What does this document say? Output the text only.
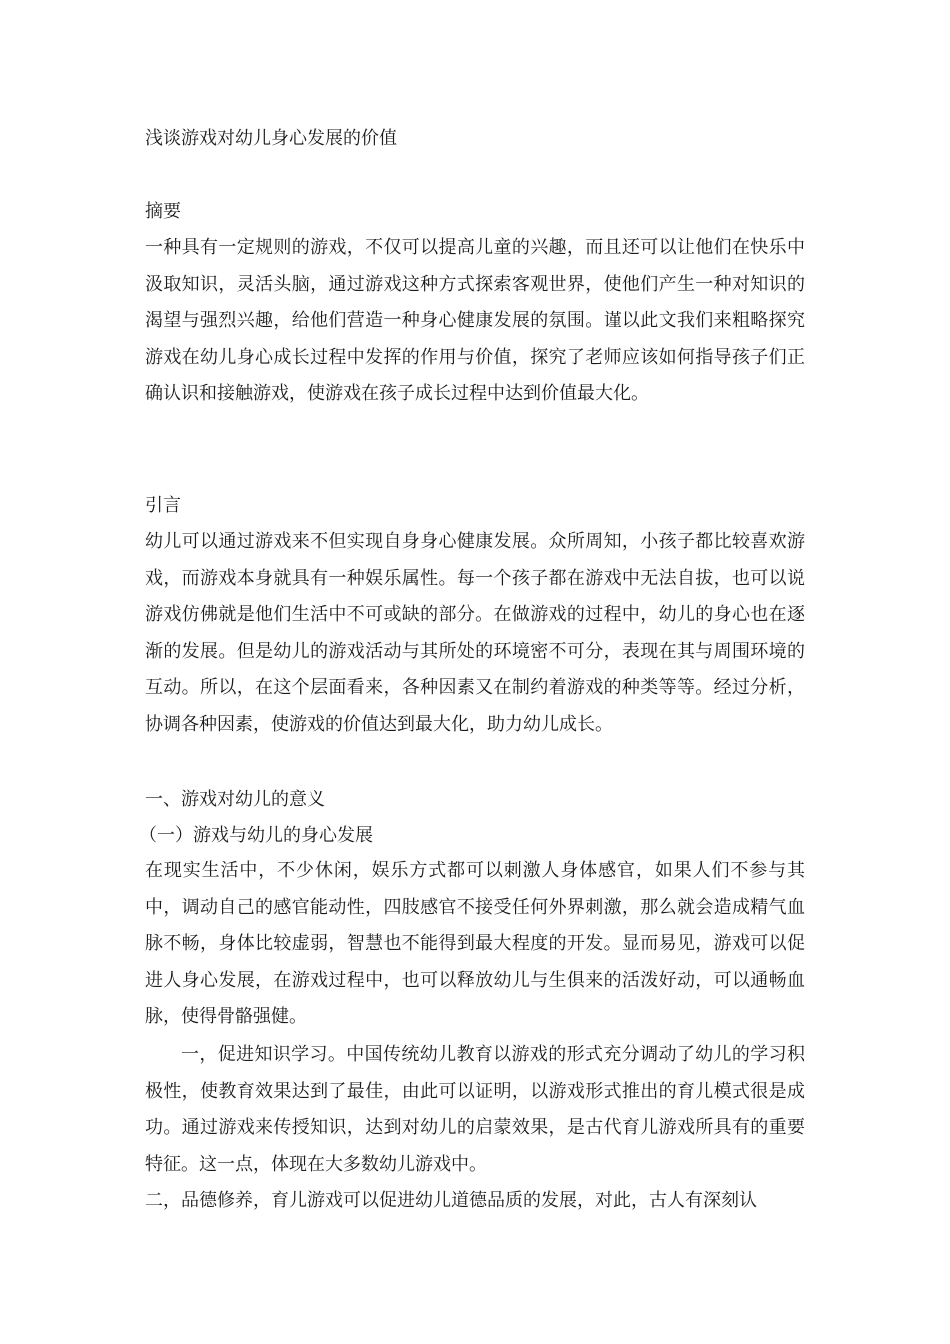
浅谈游戏对幼儿身心发展的价值
摘要

一种具有一定规则的游戏，不仅可以提高儿童的兴趣，而且还可以让他们在快乐中汲取知识，灵活头脑，通过游戏这种方式探索客观世界，使他们产生一种对知识的渴望与强烈兴趣，给他们营造一种身心健康发展的氛围。谨以此文我们来粗略探究游戏在幼儿身心成长过程中发挥的作用与价值，探究了老师应该如何指导孩子们正确认识和接触游戏，使游戏在孩子成长过程中达到价值最大化。

引言

幼儿可以通过游戏来不但实现自身身心健康发展。众所周知，小孩子都比较喜欢游戏，而游戏本身就具有一种娱乐属性。每一个孩子都在游戏中无法自拔，也可以说游戏仿佛就是他们生活中不可或缺的部分。在做游戏的过程中，幼儿的身心也在逐渐的发展。但是幼儿的游戏活动与其所处的环境密不可分，表现在其与周围环境的互动。所以，在这个层面看来，各种因素又在制约着游戏的种类等等。经过分析，协调各种因素，使游戏的价值达到最大化，助力幼儿成长。

一、游戏对幼儿的意义
（一）游戏与幼儿的身心发展

在现实生活中，不少休闲，娱乐方式都可以刺激人身体感官，如果人们不参与其中，调动自己的感官能动性，四肢感官不接受任何外界刺激，那么就会造成精气血脉不畅，身体比较虚弱，智慧也不能得到最大程度的开发。显而易见，游戏可以促进人身心发展，在游戏过程中，也可以释放幼儿与生俱来的活泼好动，可以通畅血脉，使得骨骼强健。

一，促进知识学习。中国传统幼儿教育以游戏的形式充分调动了幼儿的学习积极性，使教育效果达到了最佳，由此可以证明，以游戏形式推出的育儿模式很是成功。通过游戏来传授知识，达到对幼儿的启蒙效果，是古代育儿游戏所具有的重要特征。这一点，体现在大多数幼儿游戏中。

二，品德修养，育儿游戏可以促进幼儿道德品质的发展，对此，古人有深刻认
